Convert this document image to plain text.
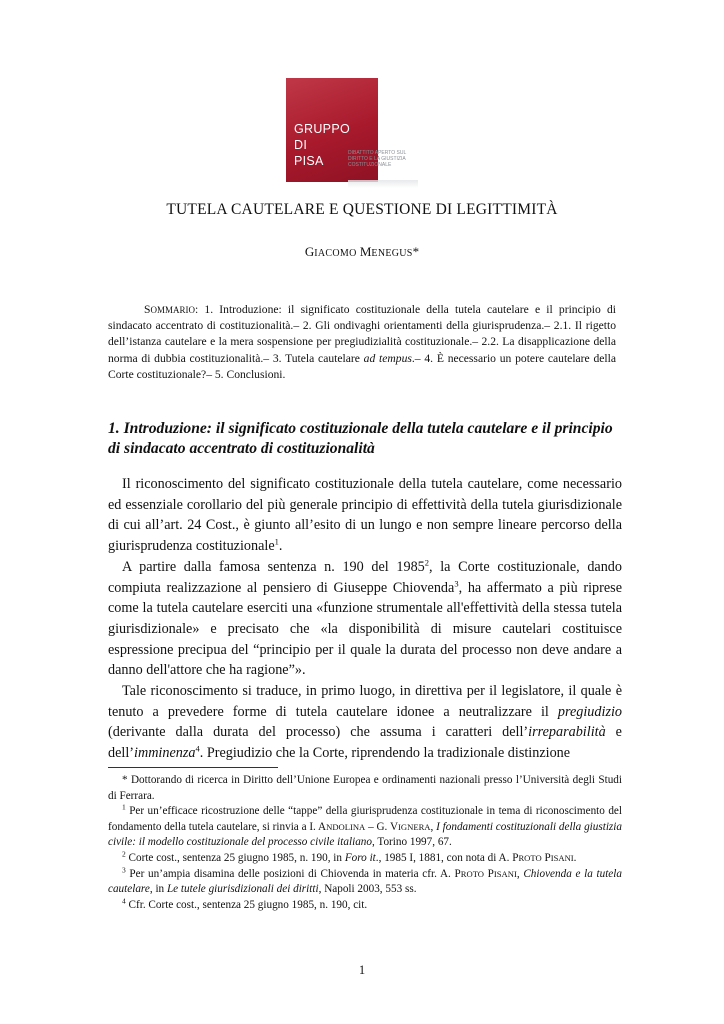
GRUPPO
DI
PISA
DIBATTITO APERTO SUL DIRITTO E LA GIUSTIZIA COSTITUZIONALE
TUTELA CAUTELARE E QUESTIONE DI LEGITTIMITÀ
GIACOMO MENEGUS*

SOMMARIO: 1. Introduzione: il significato costituzionale della tutela cautelare e il principio di sindacato accentrato di costituzionalità.– 2. Gli ondivaghi orientamenti della giurisprudenza.– 2.1. Il rigetto dell’istanza cautelare e la mera sospensione per pregiudizialità costituzionale.– 2.2. La disapplicazione della norma di dubbia costituzionalità.– 3. Tutela cautelare ad tempus.– 4. È necessario un potere cautelare della Corte costituzionale?– 5. Conclusioni.

1. Introduzione: il significato costituzionale della tutela cautelare e il principio di sindacato accentrato di costituzionalità

Il riconoscimento del significato costituzionale della tutela cautelare, come necessario ed essenziale corollario del più generale principio di effettività della tutela giurisdizionale di cui all’art. 24 Cost., è giunto all’esito di un lungo e non sempre lineare percorso della giurisprudenza costituzionale$^1$.

A partire dalla famosa sentenza n. 190 del 1985$^2$, la Corte costituzionale, dando compiuta realizzazione al pensiero di Giuseppe Chiovenda$^3$, ha affermato a più riprese come la tutela cautelare eserciti una «funzione strumentale all'effettività della stessa tutela giurisdizionale» e precisato che «la disponibilità di misure cautelari costituisce espressione precipua del “principio per il quale la durata del processo non deve andare a danno dell'attore che ha ragione”».

Tale riconoscimento si traduce, in primo luogo, in direttiva per il legislatore, il quale è tenuto a prevedere forme di tutela cautelare idonee a neutralizzare il pregiudizio (derivante dalla durata del processo) che assuma i caratteri dell’irreparabilità e dell’imminenza$^4$. Pregiudizio che la Corte, riprendendo la tradizionale distinzione

* Dottorando di ricerca in Diritto dell’Unione Europea e ordinamenti nazionali presso l’Università degli Studi di Ferrara.

$^1$ Per un’efficace ricostruzione delle “tappe” della giurisprudenza costituzionale in tema di riconoscimento del fondamento della tutela cautelare, si rinvia a I. ANDOLINA – G. VIGNERA, I fondamenti costituzionali della giustizia civile: il modello costituzionale del processo civile italiano, Torino 1997, 67.

$^2$ Corte cost., sentenza 25 giugno 1985, n. 190, in Foro it., 1985 I, 1881, con nota di A. PROTO PISANI.

$^3$ Per un’ampia disamina delle posizioni di Chiovenda in materia cfr. A. PROTO PISANI, Chiovenda e la tutela cautelare, in Le tutele giurisdizionali dei diritti, Napoli 2003, 553 ss.

$^4$ Cfr. Corte cost., sentenza 25 giugno 1985, n. 190, cit.

1
